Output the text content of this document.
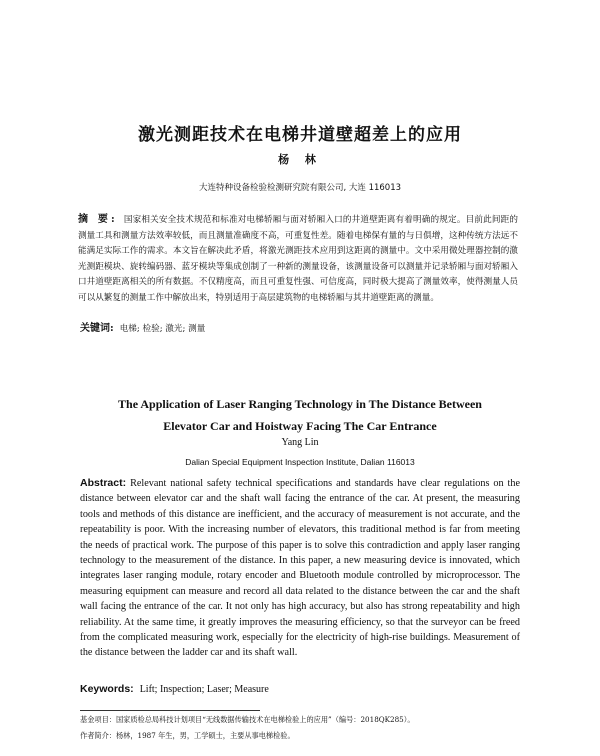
激光测距技术在电梯井道壁超差上的应用
杨 林
大连特种设备检验检测研究院有限公司, 大连 116013

摘 要: 国家相关安全技术规范和标准对电梯轿厢与面对轿厢入口的井道壁距离有着明确的规定。目前此间距的测量工具和测量方法效率较低，而且测量准确度不高，可重复性差。随着电梯保有量的与日俱增，这种传统方法远不能满足实际工作的需求。本文旨在解决此矛盾，将激光测距技术应用到这距离的测量中。文中采用微处理器控制的激光测距模块、旋转编码器、蓝牙模块等集成创制了一种新的测量设备，该测量设备可以测量并记录轿厢与面对轿厢入口井道壁距离相关的所有数据。不仅精度高，而且可重复性强、可信度高，同时极大提高了测量效率，使得测量人员可以从繁复的测量工作中解放出来，特别适用于高层建筑物的电梯轿厢与其井道壁距离的测量。

关键词: 电梯; 检验; 激光; 测量

The Application of Laser Ranging Technology in The Distance Between
Elevator Car and Hoistway Facing The Car Entrance
Yang Lin
Dalian Special Equipment Inspection Institute, Dalian 116013

Abstract: Relevant national safety technical specifications and standards have clear regulations on the distance between elevator car and the shaft wall facing the entrance of the car. At present, the measuring tools and methods of this distance are inefficient, and the accuracy of measurement is not accurate, and the repeatability is poor. With the increasing number of elevators, this traditional method is far from meeting the needs of practical work. The purpose of this paper is to solve this contradiction and apply laser ranging technology to the measurement of the distance. In this paper, a new measuring device is innovated, which integrates laser ranging module, rotary encoder and Bluetooth module controlled by microprocessor. The measuring equipment can measure and record all data related to the distance between the car and the shaft wall facing the entrance of the car. It not only has high accuracy, but also has strong repeatability and high reliability. At the same time, it greatly improves the measuring efficiency, so that the surveyor can be freed from the complicated measuring work, especially for the electricity of high-rise buildings. Measurement of the distance between the ladder car and its shaft wall.

Keywords: Lift; Inspection; Laser; Measure

基金项目：国家质检总局科技计划项目“无线数据传输技术在电梯检验上的应用”（编号：2018QK285）。

作者简介：杨林，1987 年生，男，工学硕士，主要从事电梯检验。
